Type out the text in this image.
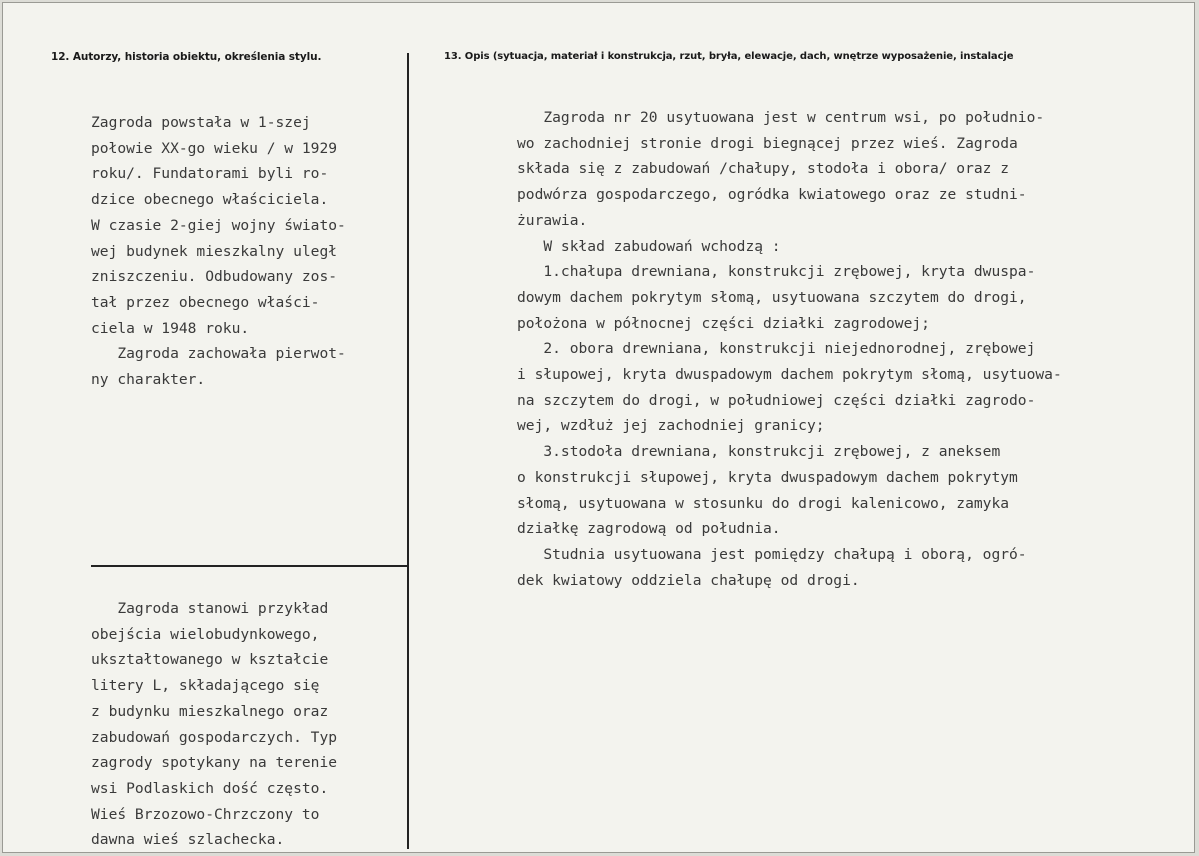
12. Autorzy, historia obiektu, określenia stylu.	13. Opis (sytuacja, materiał i konstrukcja, rzut, bryła, elewacje, dach, wnętrze wyposażenie, instalacje
Zagroda powstała w 1-szej
połowie XX-go wieku / w 1929
roku/. Fundatorami byli ro-
dzice obecnego właściciela.
W czasie 2-giej wojny świato-
wej budynek mieszkalny uległ
zniszczeniu. Odbudowany zos-
tał przez obecnego właści-
ciela w 1948 roku.
Zagroda zachowała pierwot-
ny charakter.
Zagroda stanowi przykład
obejścia wielobudynkowego,
ukształtowanego w kształcie
litery L, składającego się
z budynku mieszkalnego oraz
zabudowań gospodarczych. Typ
zagrody spotykany na terenie
wsi Podlaskich dość często.
Wieś Brzozowo-Chrzczony to
dawna wieś szlachecka.
Zagroda nr 20 usytuowana jest w centrum wsi, po południo-
wo zachodniej stronie drogi biegnącej przez wieś. Zagroda
składa się z zabudowań /chałupy, stodoła i obora/ oraz z
podwórza gospodarczego, ogródka kwiatowego oraz ze studni-
żurawia.
W skład zabudowań wchodzą :
1.chałupa drewniana, konstrukcji zrębowej, kryta dwuspa-
dowym dachem pokrytym słomą, usytuowana szczytem do drogi,
położona w północnej części działki zagrodowej;
2. obora drewniana, konstrukcji niejednorodnej, zrębowej
i słupowej, kryta dwuspadowym dachem pokrytym słomą, usytuowa-
na szczytem do drogi, w południowej części działki zagrodo-
wej, wzdłuż jej zachodniej granicy;
3.stodoła drewniana, konstrukcji zrębowej, z aneksem
o konstrukcji słupowej, kryta dwuspadowym dachem pokrytym
słomą, usytuowana w stosunku do drogi kalenicowo, zamyka
działkę zagrodową od południa.
Studnia usytuowana jest pomiędzy chałupą i oborą, ogró-
dek kwiatowy oddziela chałupę od drogi.
